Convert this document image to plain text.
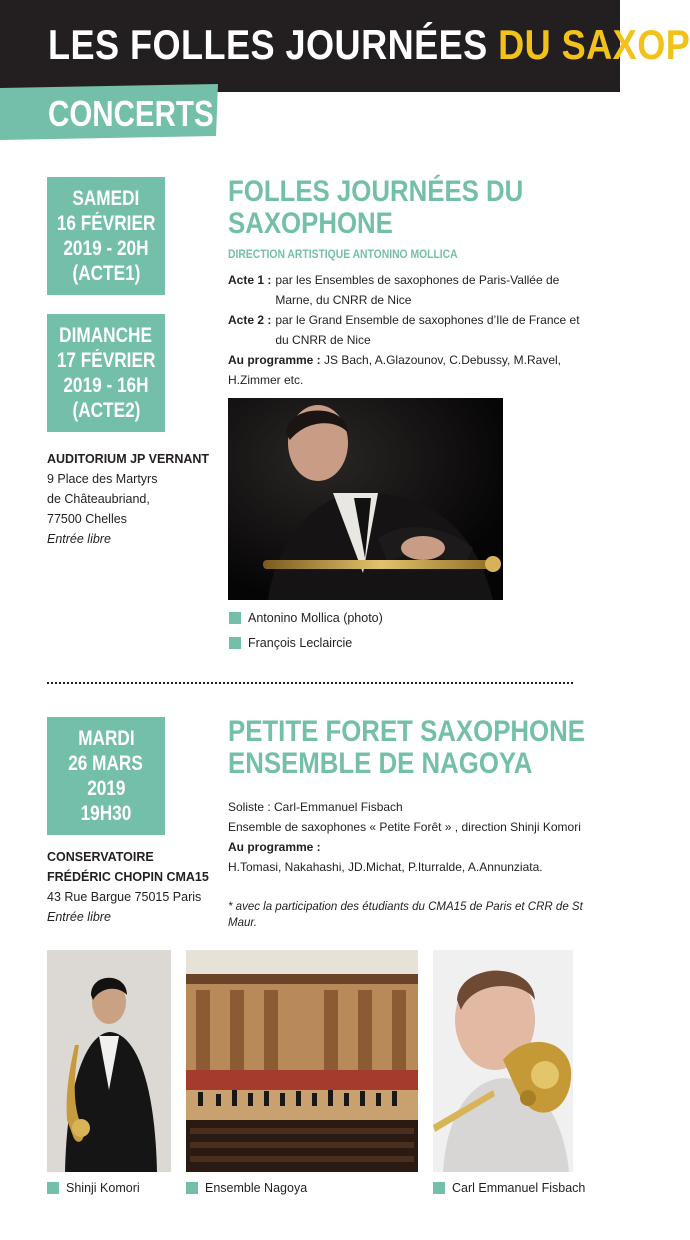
LES FOLLES JOURNÉES DU SAXOP
CONCERTS
SAMEDI
16 FÉVRIER
2019 - 20H
(ACTE1)
DIMANCHE
17 FÉVRIER
2019 - 16H
(ACTE2)
AUDITORIUM JP VERNANT
9 Place des Martyrs
de Châteaubriand,
77500 Chelles
Entrée libre
FOLLES JOURNÉES DU
SAXOPHONE
DIRECTION ARTISTIQUE ANTONINO MOLLICA
Acte 1 : par les Ensembles de saxophones de Paris-Vallée de Marne, du CNRR de Nice
Acte 2 : par le Grand Ensemble de saxophones d’Ile de France et du CNRR de Nice
Au programme : JS Bach, A.Glazounov, C.Debussy, M.Ravel, H.Zimmer etc.
Antonino Mollica (photo)
François Leclaircie
MARDI
26 MARS
2019
19H30
CONSERVATOIRE
FRÉDÉRIC CHOPIN CMA15
43 Rue Bargue 75015 Paris
Entrée libre
PETITE FORET SAXOPHONE
ENSEMBLE DE NAGOYA
Soliste : Carl-Emmanuel Fisbach
Ensemble de saxophones « Petite Forêt » , direction Shinji Komori
Au programme :
H.Tomasi, Nakahashi, JD.Michat, P.Iturralde, A.Annunziata.
* avec la participation des étudiants du CMA15 de Paris et CRR de St Maur.
Shinji Komori	Ensemble Nagoya	Carl Emmanuel Fisbach
